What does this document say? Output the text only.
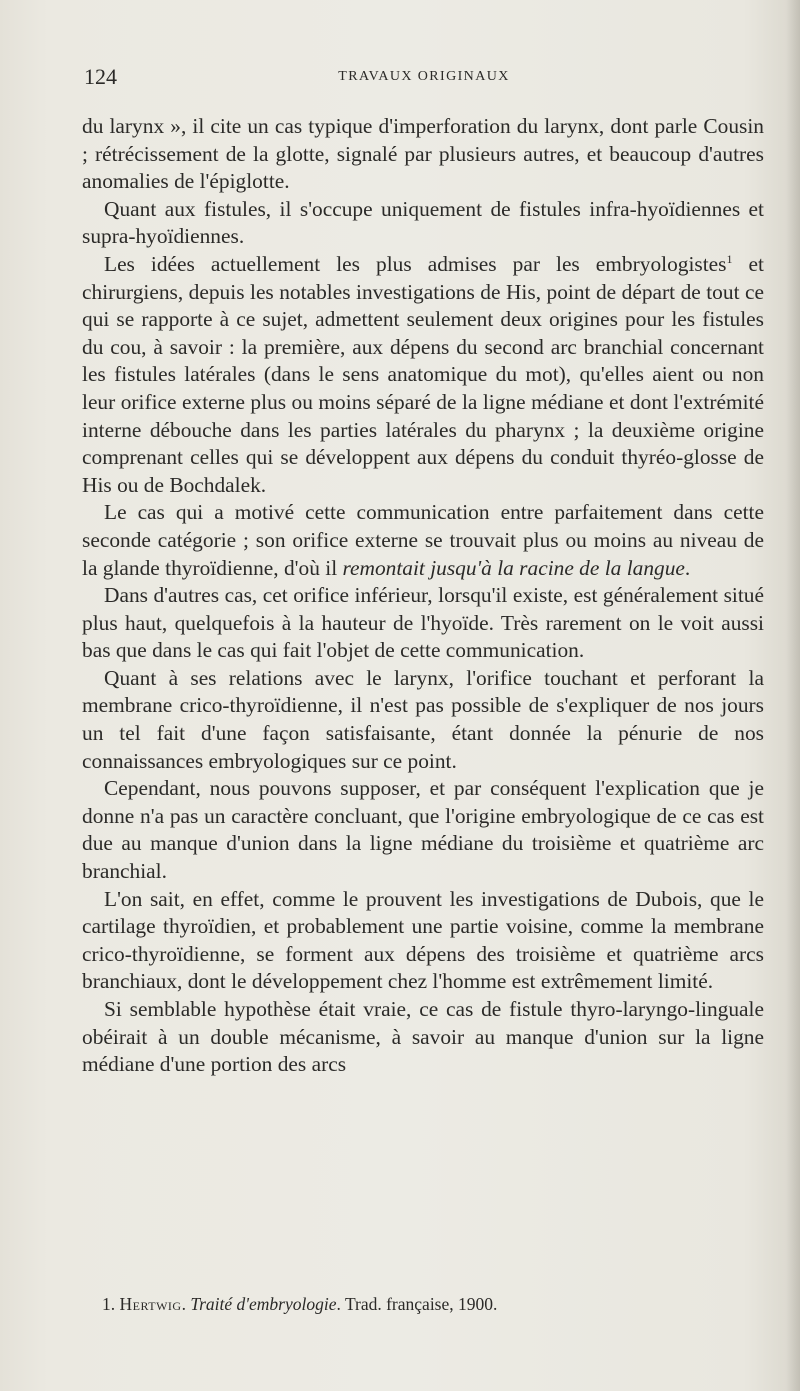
124	TRAVAUX ORIGINAUX

du larynx », il cite un cas typique d'imperforation du larynx, dont parle Cousin ; rétrécissement de la glotte, signalé par plusieurs autres, et beaucoup d'autres anomalies de l'épiglotte.

Quant aux fistules, il s'occupe uniquement de fistules infra-hyoïdiennes et supra-hyoïdiennes.

Les idées actuellement les plus admises par les embryologistes$^1$ et chirurgiens, depuis les notables investigations de His, point de départ de tout ce qui se rapporte à ce sujet, admettent seulement deux origines pour les fistules du cou, à savoir : la première, aux dépens du second arc branchial concernant les fistules latérales (dans le sens anatomique du mot), qu'elles aient ou non leur orifice externe plus ou moins séparé de la ligne médiane et dont l'extrémité interne débouche dans les parties latérales du pharynx ; la deuxième origine comprenant celles qui se développent aux dépens du conduit thyréo-glosse de His ou de Bochdalek.

Le cas qui a motivé cette communication entre parfaitement dans cette seconde catégorie ; son orifice externe se trouvait plus ou moins au niveau de la glande thyroïdienne, d'où il remontait jusqu'à la racine de la langue.

Dans d'autres cas, cet orifice inférieur, lorsqu'il existe, est généralement situé plus haut, quelquefois à la hauteur de l'hyoïde. Très rarement on le voit aussi bas que dans le cas qui fait l'objet de cette communication.

Quant à ses relations avec le larynx, l'orifice touchant et perforant la membrane crico-thyroïdienne, il n'est pas possible de s'expliquer de nos jours un tel fait d'une façon satisfaisante, étant donnée la pénurie de nos connaissances embryologiques sur ce point.

Cependant, nous pouvons supposer, et par conséquent l'explication que je donne n'a pas un caractère concluant, que l'origine embryologique de ce cas est due au manque d'union dans la ligne médiane du troisième et quatrième arc branchial.

L'on sait, en effet, comme le prouvent les investigations de Dubois, que le cartilage thyroïdien, et probablement une partie voisine, comme la membrane crico-thyroïdienne, se forment aux dépens des troisième et quatrième arcs branchiaux, dont le développement chez l'homme est extrêmement limité.

Si semblable hypothèse était vraie, ce cas de fistule thyro-laryngo-linguale obéirait à un double mécanisme, à savoir au manque d'union sur la ligne médiane d'une portion des arcs

1. Hertwig. Traité d'embryologie. Trad. française, 1900.
